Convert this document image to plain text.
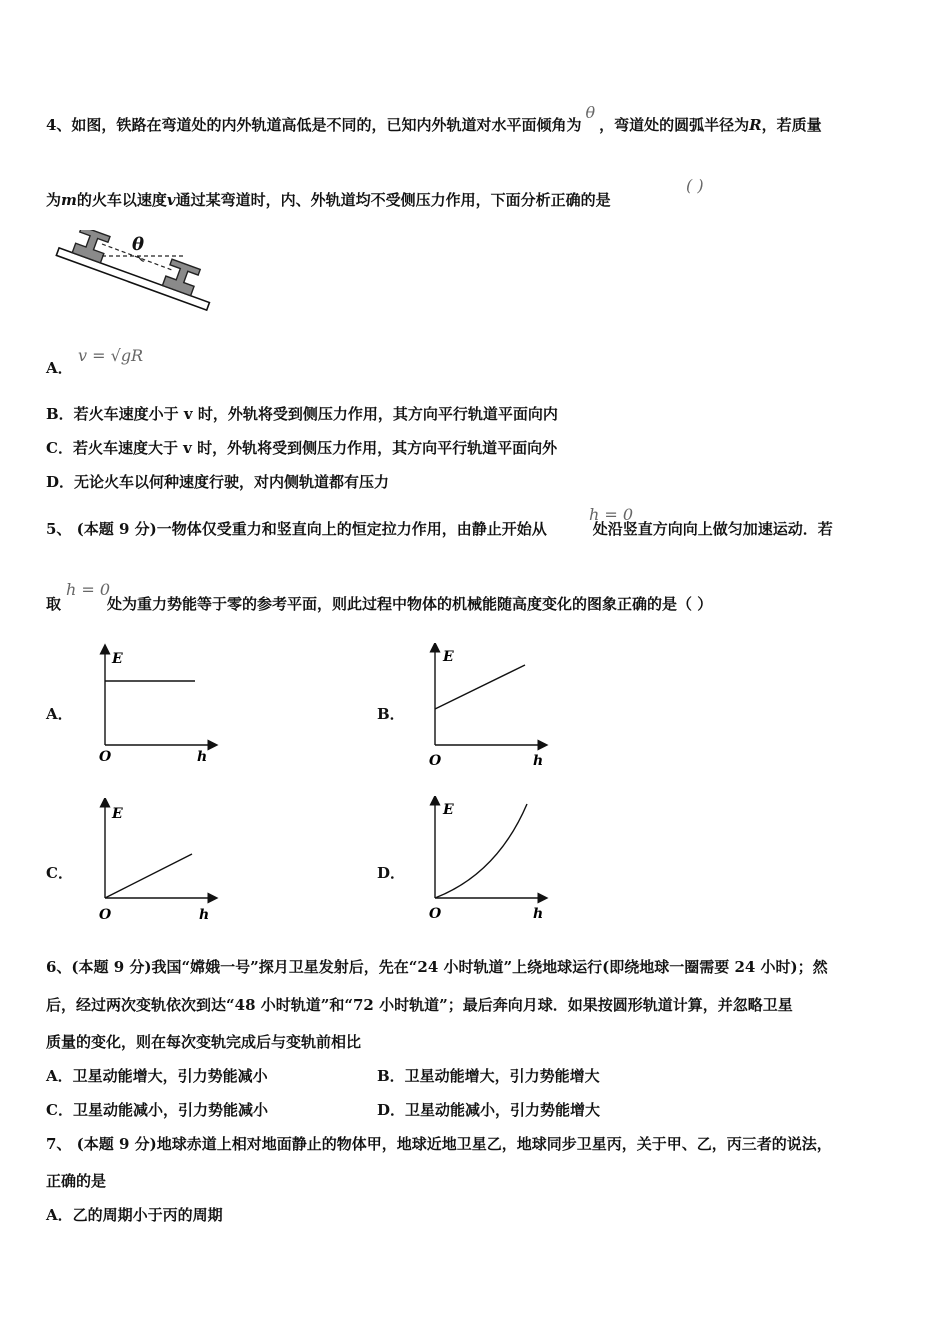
4、如图，铁路在弯道处的内外轨道高低是不同的，已知内外轨道对水平面倾角为θ，弯道处的圆弧半径为R，若质量
为m的火车以速度v通过某弯道时，内、外轨道均不受侧压力作用，下面分析正确的是
( )
θ
A．
v = √gR
B．若火车速度小于 v 时，外轨将受到侧压力作用，其方向平行轨道平面向内
C．若火车速度大于 v 时，外轨将受到侧压力作用，其方向平行轨道平面向外
D．无论火车以何种速度行驶，对内侧轨道都有压力
5、 (本题 9 分)一物体仅受重力和竖直向上的恒定拉力作用，由静止开始从	处沿竖直方向向上做匀加速运动．若
h = 0
取	处为重力势能等于零的参考平面，则此过程中物体的机械能随高度变化的图象正确的是（ ）
h = 0
A．	B．
C．	D．
E
h
O
E
h
O
E
h
O
E
h
O
6、(本题 9 分)我国“嫦娥一号”探月卫星发射后，先在“24 小时轨道”上绕地球运行(即绕地球一圈需要 24 小时)；然
后，经过两次变轨依次到达“48 小时轨道”和“72 小时轨道”；最后奔向月球．如果按圆形轨道计算，并忽略卫星
质量的变化，则在每次变轨完成后与变轨前相比
A．卫星动能增大，引力势能减小	B．卫星动能增大，引力势能增大
C．卫星动能减小，引力势能减小	D．卫星动能减小，引力势能增大
7、 (本题 9 分)地球赤道上相对地面静止的物体甲，地球近地卫星乙，地球同步卫星丙，关于甲、乙，丙三者的说法，
正确的是
A．乙的周期小于丙的周期
